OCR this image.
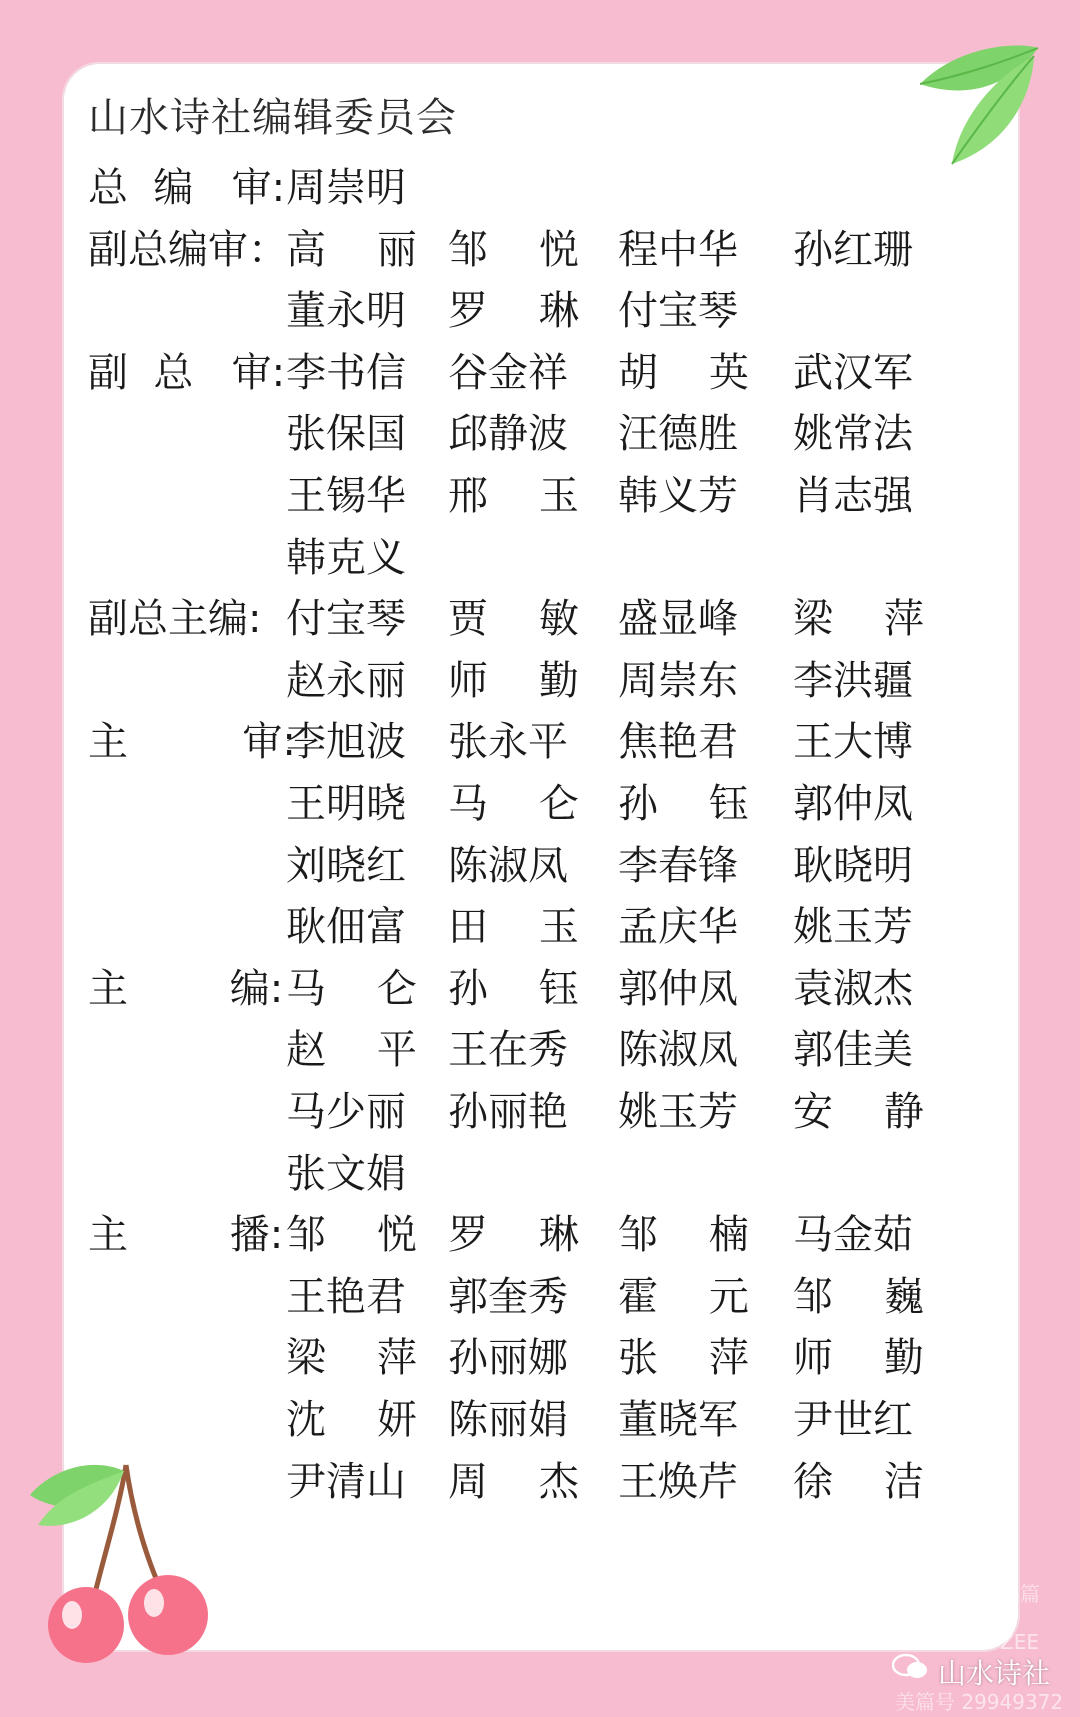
山水诗社编辑委员会
总  编   审: 周崇明
副总编审：
高    丽 邹    悦 程中华 孙红珊
董永明 罗    琳 付宝琴
副  总   审: 李书信 谷金祥 胡    英 武汉军
张保国 邱静波 汪德胜 姚常法
王锡华 邢    玉 韩义芳 肖志强
韩克义
副总主编: 付宝琴 贾    敏 盛显峰 梁    萍
赵永丽 师    勤 周崇东 李洪疆
主         审:
李旭波 张永平 焦艳君 王大博
王明晓 马    仑 孙    钰 郭仲凤
刘晓红 陈淑凤 李春锋 耿晓明
耿佃富 田    玉 孟庆华 姚玉芳
主        编: 马    仑 孙    钰 郭仲凤 袁淑杰
赵    平 王在秀 陈淑凤 郭佳美
马少丽 孙丽艳 姚玉芳 安    静
张文娟
主        播: 邹    悦 罗    琳 邹    楠 马金茹
王艳君 郭奎秀 霍    元 邹    巍
梁    萍 孙丽娜 张    萍 师    勤
沈    妍 陈丽娟 董晓军 尹世红
尹清山 周    杰 王焕芹 徐    洁
美篇
ZEE
山水诗社
美篇号 29949372
